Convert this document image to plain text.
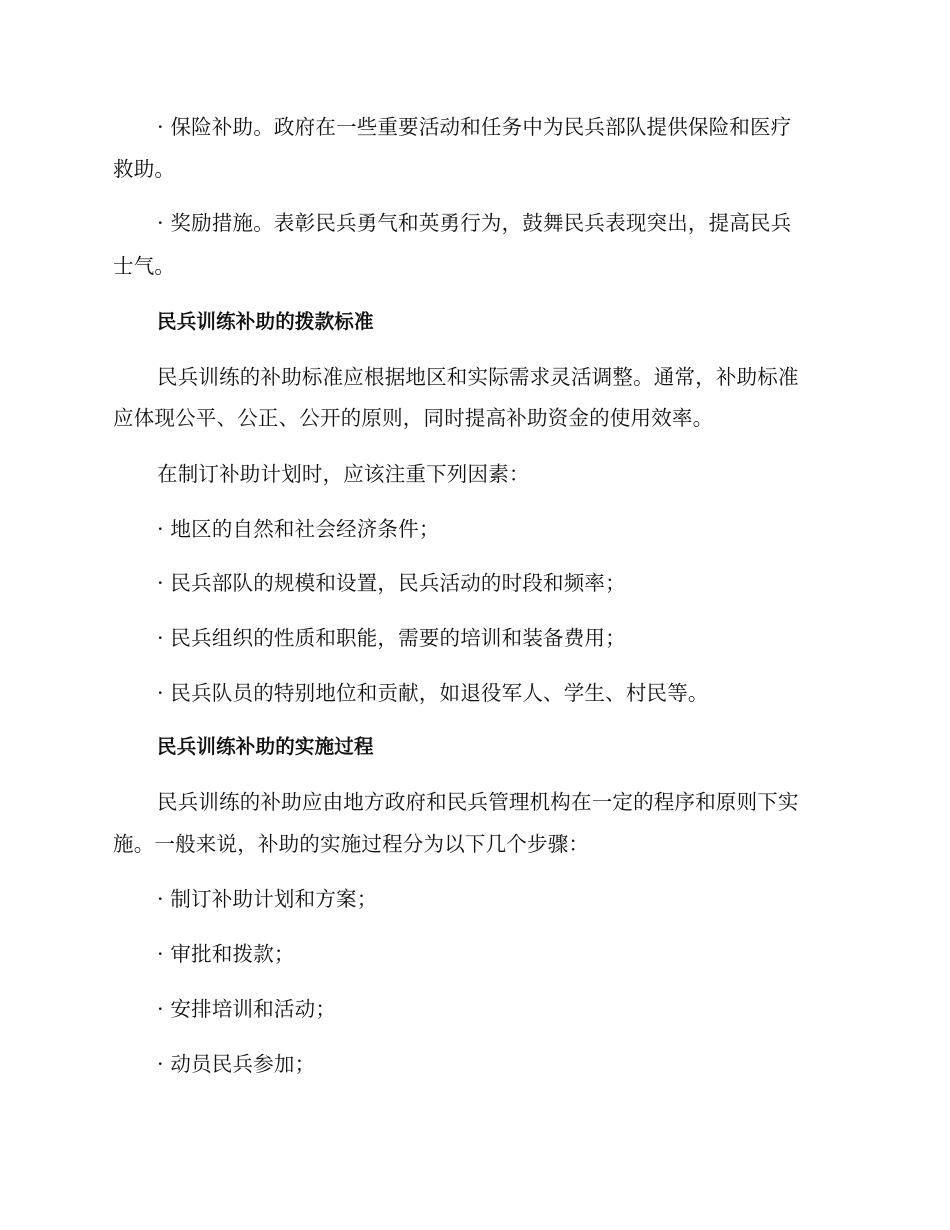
· 保险补助。政府在一些重要活动和任务中为民兵部队提供保险和医疗
救助。
· 奖励措施。表彰民兵勇气和英勇行为，鼓舞民兵表现突出，提高民兵
士气。
民兵训练补助的拨款标准
民兵训练的补助标准应根据地区和实际需求灵活调整。通常，补助标准
应体现公平、公正、公开的原则，同时提高补助资金的使用效率。
在制订补助计划时，应该注重下列因素：
· 地区的自然和社会经济条件；
· 民兵部队的规模和设置，民兵活动的时段和频率；
· 民兵组织的性质和职能，需要的培训和装备费用；
· 民兵队员的特别地位和贡献，如退役军人、学生、村民等。
民兵训练补助的实施过程
民兵训练的补助应由地方政府和民兵管理机构在一定的程序和原则下实
施。一般来说，补助的实施过程分为以下几个步骤：
· 制订补助计划和方案；
· 审批和拨款；
· 安排培训和活动；
· 动员民兵参加；
